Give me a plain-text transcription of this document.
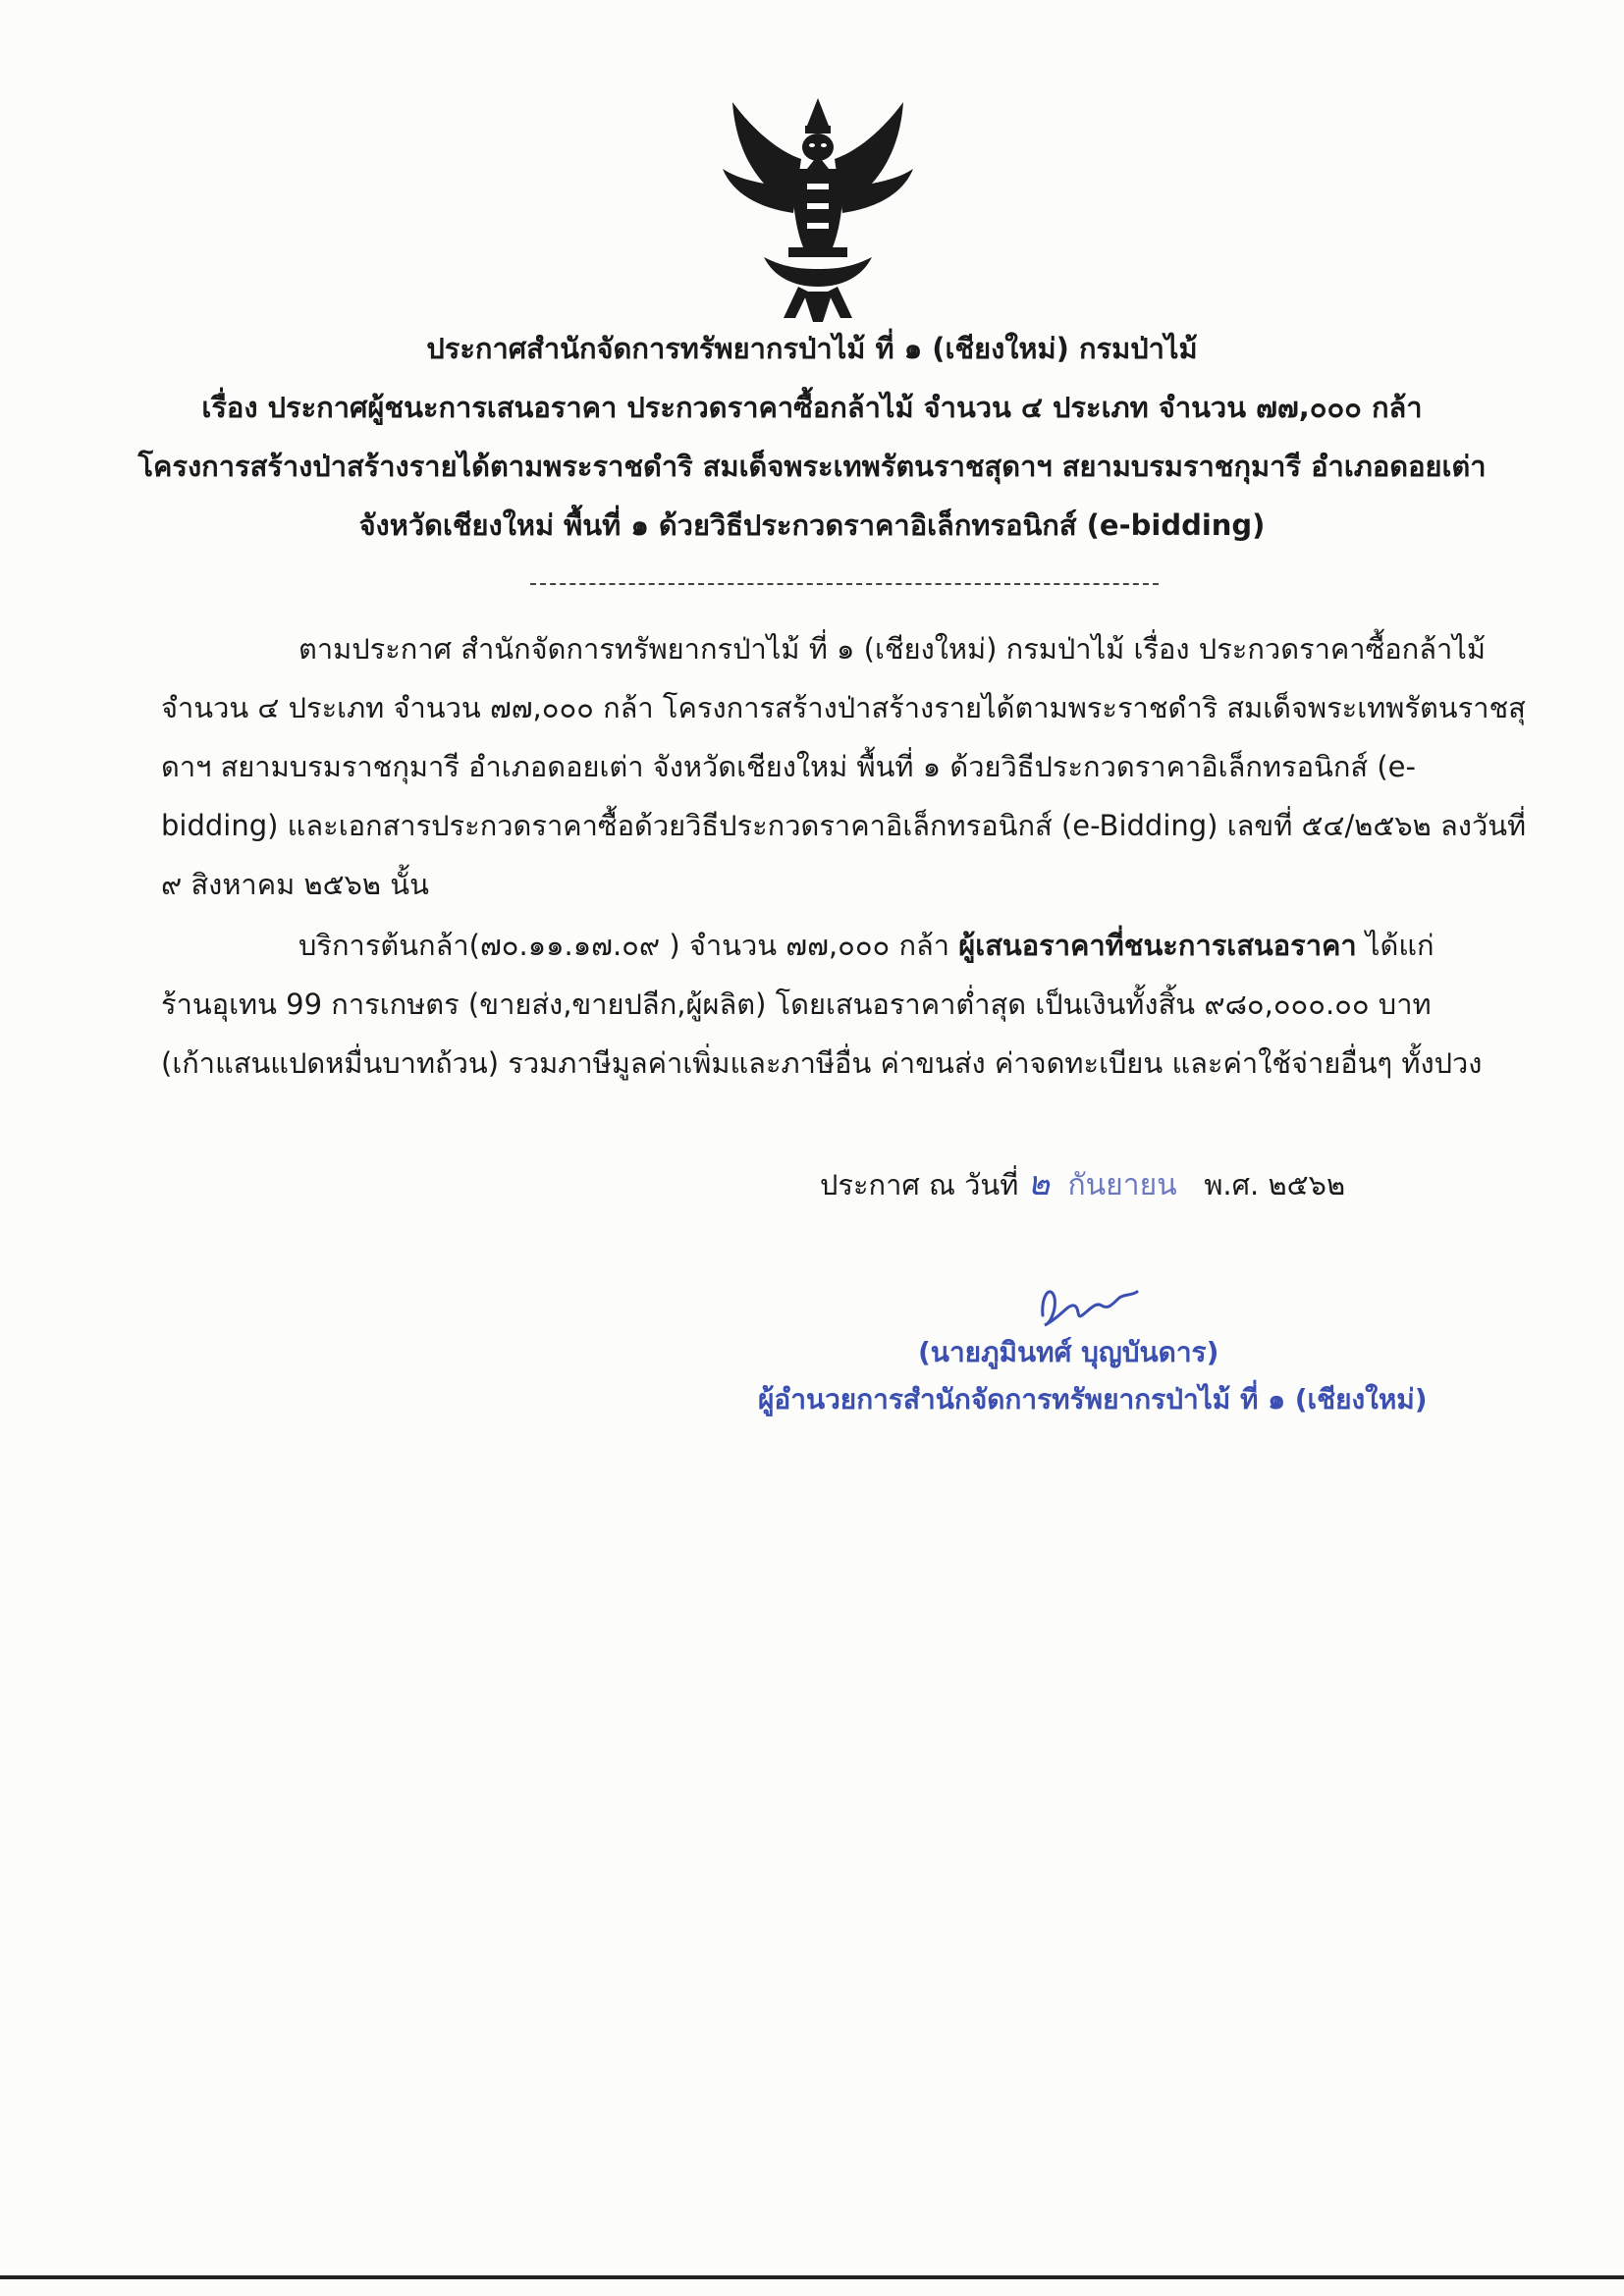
ประกาศสำนักจัดการทรัพยากรป่าไม้ ที่ ๑ (เชียงใหม่) กรมป่าไม้
เรื่อง ประกาศผู้ชนะการเสนอราคา ประกวดราคาซื้อกล้าไม้ จำนวน ๔ ประเภท จำนวน ๗๗,๐๐๐ กล้า
โครงการสร้างป่าสร้างรายได้ตามพระราชดำริ สมเด็จพระเทพรัตนราชสุดาฯ สยามบรมราชกุมารี อำเภอดอยเต่า
จังหวัดเชียงใหม่ พื้นที่ ๑ ด้วยวิธีประกวดราคาอิเล็กทรอนิกส์ (e-bidding)
ตามประกาศ สำนักจัดการทรัพยากรป่าไม้ ที่ ๑ (เชียงใหม่) กรมป่าไม้ เรื่อง ประกวดราคาซื้อกล้าไม้
จำนวน ๔ ประเภท จำนวน ๗๗,๐๐๐ กล้า โครงการสร้างป่าสร้างรายได้ตามพระราชดำริ สมเด็จพระเทพรัตนราชสุ
ดาฯ สยามบรมราชกุมารี อำเภอดอยเต่า จังหวัดเชียงใหม่ พื้นที่ ๑ ด้วยวิธีประกวดราคาอิเล็กทรอนิกส์ (e-
bidding) และเอกสารประกวดราคาซื้อด้วยวิธีประกวดราคาอิเล็กทรอนิกส์ (e-Bidding) เลขที่ ๕๔/๒๕๖๒ ลงวันที่
๙ สิงหาคม ๒๕๖๒ นั้น
บริการต้นกล้า(๗๐.๑๑.๑๗.๐๙ ) จำนวน ๗๗,๐๐๐ กล้า ผู้เสนอราคาที่ชนะการเสนอราคา ได้แก่
ร้านอุเทน 99 การเกษตร (ขายส่ง,ขายปลีก,ผู้ผลิต) โดยเสนอราคาต่ำสุด เป็นเงินทั้งสิ้น ๙๘๐,๐๐๐.๐๐ บาท
(เก้าแสนแปดหมื่นบาทถ้วน) รวมภาษีมูลค่าเพิ่มและภาษีอื่น ค่าขนส่ง ค่าจดทะเบียน และค่าใช้จ่ายอื่นๆ ทั้งปวง
ประกาศ ณ วันที่ ๒ กันยายน พ.ศ. ๒๕๖๒
(นายภูมินทศ์ บุญบันดาร)
ผู้อำนวยการสำนักจัดการทรัพยากรป่าไม้ ที่ ๑ (เชียงใหม่)
